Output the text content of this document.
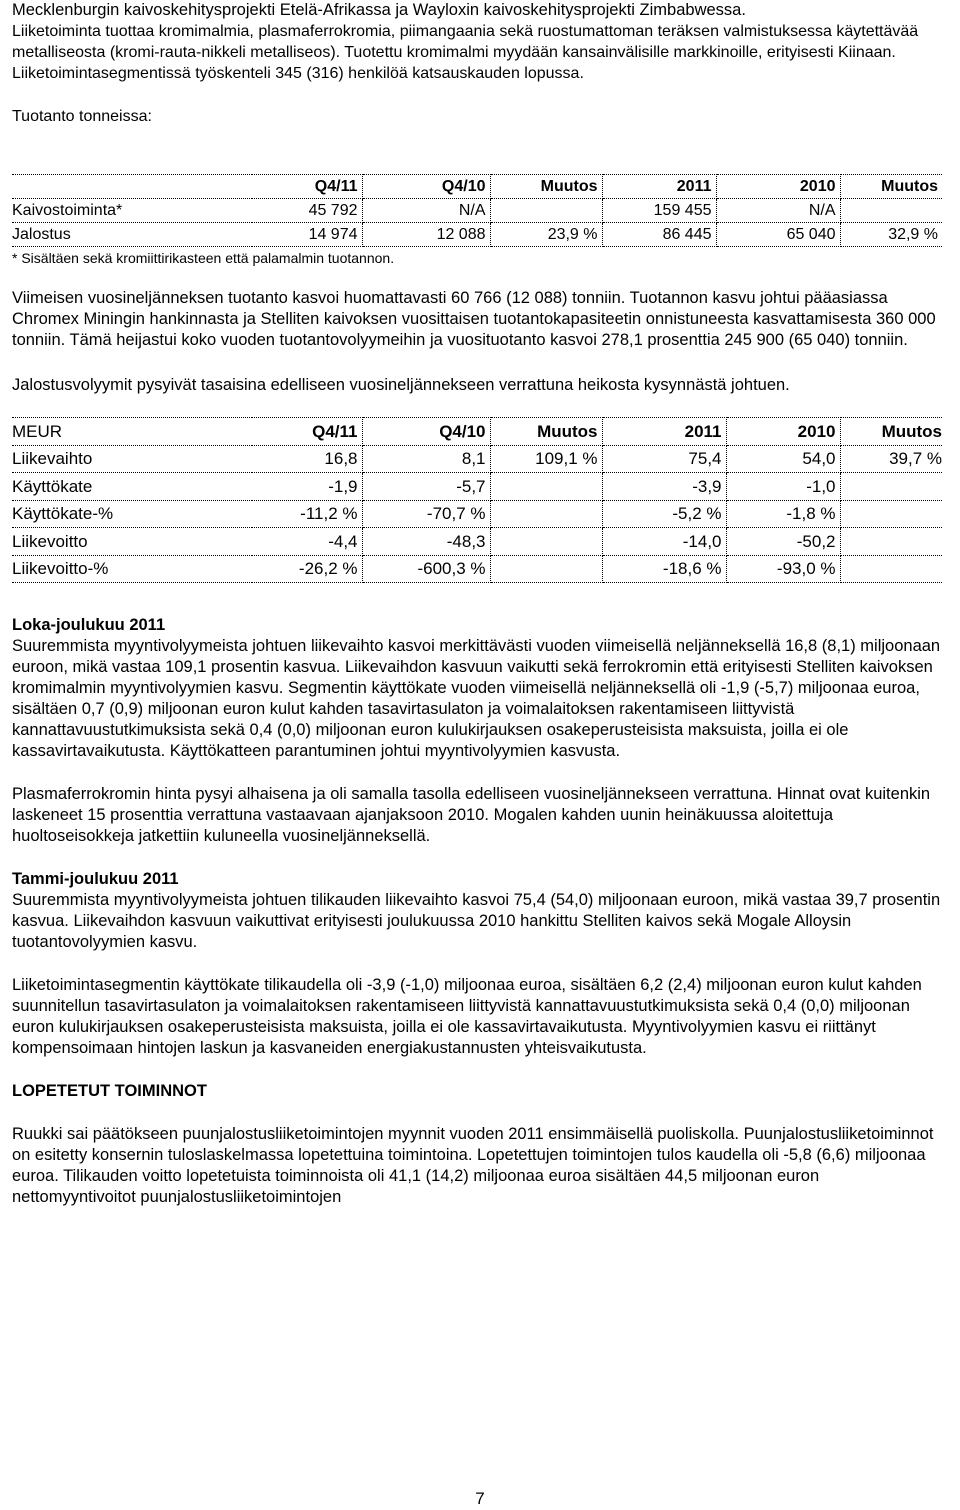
Mecklenburgin kaivoskehitysprojekti Etelä-Afrikassa ja Wayloxin kaivoskehitysprojekti Zimbabwessa.

Liiketoiminta tuottaa kromimalmia, plasmaferrokromia, piimangaania sekä ruostumattoman teräksen valmistuksessa käytettävää metalliseosta (kromi-rauta-nikkeli metalliseos). Tuotettu kromimalmi myydään kansainvälisille markkinoille, erityisesti Kiinaan. Liiketoimintasegmentissä työskenteli 345 (316) henkilöä katsauskauden lopussa.

Tuotanto tonneissa:

	Q4/11	Q4/10	Muutos	2011	2010	Muutos
Kaivostoiminta*	45 792	N/A		159 455	N/A	
Jalostus	14 974	12 088	23,9 %	86 445	65 040	32,9 %

* Sisältäen sekä kromiittirikasteen että palamalmin tuotannon.

Viimeisen vuosineljänneksen tuotanto kasvoi huomattavasti 60 766 (12 088) tonniin. Tuotannon kasvu johtui pääasiassa Chromex Miningin hankinnasta ja Stelliten kaivoksen vuosittaisen tuotantokapasiteetin onnistuneesta kasvattamisesta 360 000 tonniin. Tämä heijastui koko vuoden tuotantovolyymeihin ja vuosituotanto kasvoi 278,1 prosenttia 245 900 (65 040) tonniin.

Jalostusvolyymit pysyivät tasaisina edelliseen vuosineljännekseen verrattuna heikosta kysynnästä johtuen.

MEUR	Q4/11	Q4/10	Muutos	2011	2010	Muutos
Liikevaihto	16,8	8,1	109,1 %	75,4	54,0	39,7 %
Käyttökate	-1,9	-5,7		-3,9	-1,0	
Käyttökate-%	-11,2 %	-70,7 %		-5,2 %	-1,8 %	
Liikevoitto	-4,4	-48,3		-14,0	-50,2	
Liikevoitto-%	-26,2 %	-600,3 %		-18,6 %	-93,0 %	

Loka-joulukuu 2011

Suuremmista myyntivolyymeista johtuen liikevaihto kasvoi merkittävästi vuoden viimeisellä neljänneksellä 16,8 (8,1) miljoonaan euroon, mikä vastaa 109,1 prosentin kasvua. Liikevaihdon kasvuun vaikutti sekä ferrokromin että erityisesti Stelliten kaivoksen kromimalmin myyntivolyymien kasvu. Segmentin käyttökate vuoden viimeisellä neljänneksellä oli -1,9 (-5,7) miljoonaa euroa, sisältäen 0,7 (0,9) miljoonan euron kulut kahden tasavirtasulaton ja voimalaitoksen rakentamiseen liittyvistä kannattavuustutkimuksista sekä 0,4 (0,0) miljoonan euron kulukirjauksen osakeperusteisista maksuista, joilla ei ole kassavirtavaikutusta. Käyttökatteen parantuminen johtui myyntivolyymien kasvusta.

Plasmaferrokromin hinta pysyi alhaisena ja oli samalla tasolla edelliseen vuosineljännekseen verrattuna. Hinnat ovat kuitenkin laskeneet 15 prosenttia verrattuna vastaavaan ajanjaksoon 2010. Mogalen kahden uunin heinäkuussa aloitettuja huoltoseisokkeja jatkettiin kuluneella vuosineljänneksellä.

Tammi-joulukuu 2011

Suuremmista myyntivolyymeista johtuen tilikauden liikevaihto kasvoi 75,4 (54,0) miljoonaan euroon, mikä vastaa 39,7 prosentin kasvua. Liikevaihdon kasvuun vaikuttivat erityisesti joulukuussa 2010 hankittu Stelliten kaivos sekä Mogale Alloysin tuotantovolyymien kasvu.

Liiketoimintasegmentin käyttökate tilikaudella oli -3,9 (-1,0) miljoonaa euroa, sisältäen 6,2 (2,4) miljoonan euron kulut kahden suunnitellun tasavirtasulaton ja voimalaitoksen rakentamiseen liittyvistä kannattavuustutkimuksista sekä 0,4 (0,0) miljoonan euron kulukirjauksen osakeperusteisista maksuista, joilla ei ole kassavirtavaikutusta. Myyntivolyymien kasvu ei riittänyt kompensoimaan hintojen laskun ja kasvaneiden energiakustannusten yhteisvaikutusta.

LOPETETUT TOIMINNOT

Ruukki sai päätökseen puunjalostusliiketoimintojen myynnit vuoden 2011 ensimmäisellä puoliskolla. Puunjalostusliiketoiminnot on esitetty konsernin tuloslaskelmassa lopetettuina toimintoina. Lopetettujen toimintojen tulos kaudella oli -5,8 (6,6) miljoonaa euroa. Tilikauden voitto lopetetuista toiminnoista oli 41,1 (14,2) miljoonaa euroa sisältäen 44,5 miljoonan euron nettomyyntivoitot puunjalostusliiketoimintojen

7
